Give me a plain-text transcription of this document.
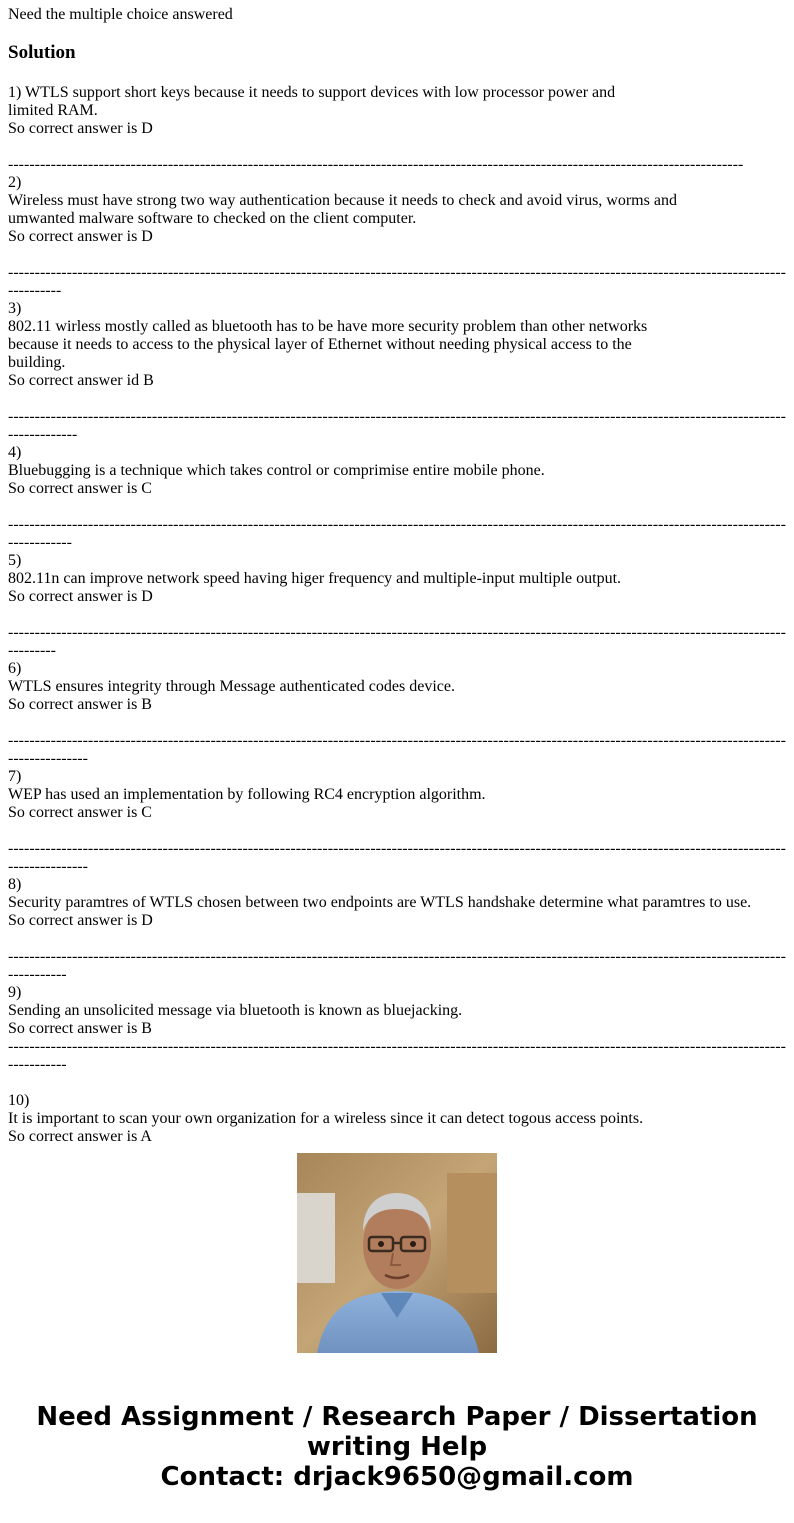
Need the multiple choice answered
Solution
1) WTLS support short keys because it needs to support devices with low processor power and

limited RAM.
So correct answer is D
------------------------------------------------------------------------------------------------------------------------------------------
2)
Wireless must have strong two way authentication because it needs to check and avoid virus, worms and
umwanted malware software to checked on the client computer.
So correct answer is D
------------------------------------------------------------------------------------------------------------------------------------------------------------
3)
802.11 wirless mostly called as bluetooth has to be have more security problem than other networks
because it needs to access to the physical layer of Ethernet without needing physical access to the
building.
So correct answer id B
---------------------------------------------------------------------------------------------------------------------------------------------------------------
4)
Bluebugging is a technique which takes control or comprimise entire mobile phone.
So correct answer is C
--------------------------------------------------------------------------------------------------------------------------------------------------------------
5)
802.11n can improve network speed having higer frequency and multiple-input multiple output.
So correct answer is D
-----------------------------------------------------------------------------------------------------------------------------------------------------------
6)
WTLS ensures integrity through Message authenticated codes device.
So correct answer is B
-----------------------------------------------------------------------------------------------------------------------------------------------------------------
7)
WEP has used an implementation by following RC4 encryption algorithm.
So correct answer is C
-----------------------------------------------------------------------------------------------------------------------------------------------------------------
8)
Security paramtres of WTLS chosen between two endpoints are WTLS handshake determine what paramtres to use.
So correct answer is D
-------------------------------------------------------------------------------------------------------------------------------------------------------------
9)
Sending an unsolicited message via bluetooth is known as bluejacking.
So correct answer is B
-------------------------------------------------------------------------------------------------------------------------------------------------------------
10)
It is important to scan your own organization for a wireless since it can detect togous access points.
So correct answer is A
Need Assignment / Research Paper / Dissertation
writing Help
Contact: drjack9650@gmail.com
